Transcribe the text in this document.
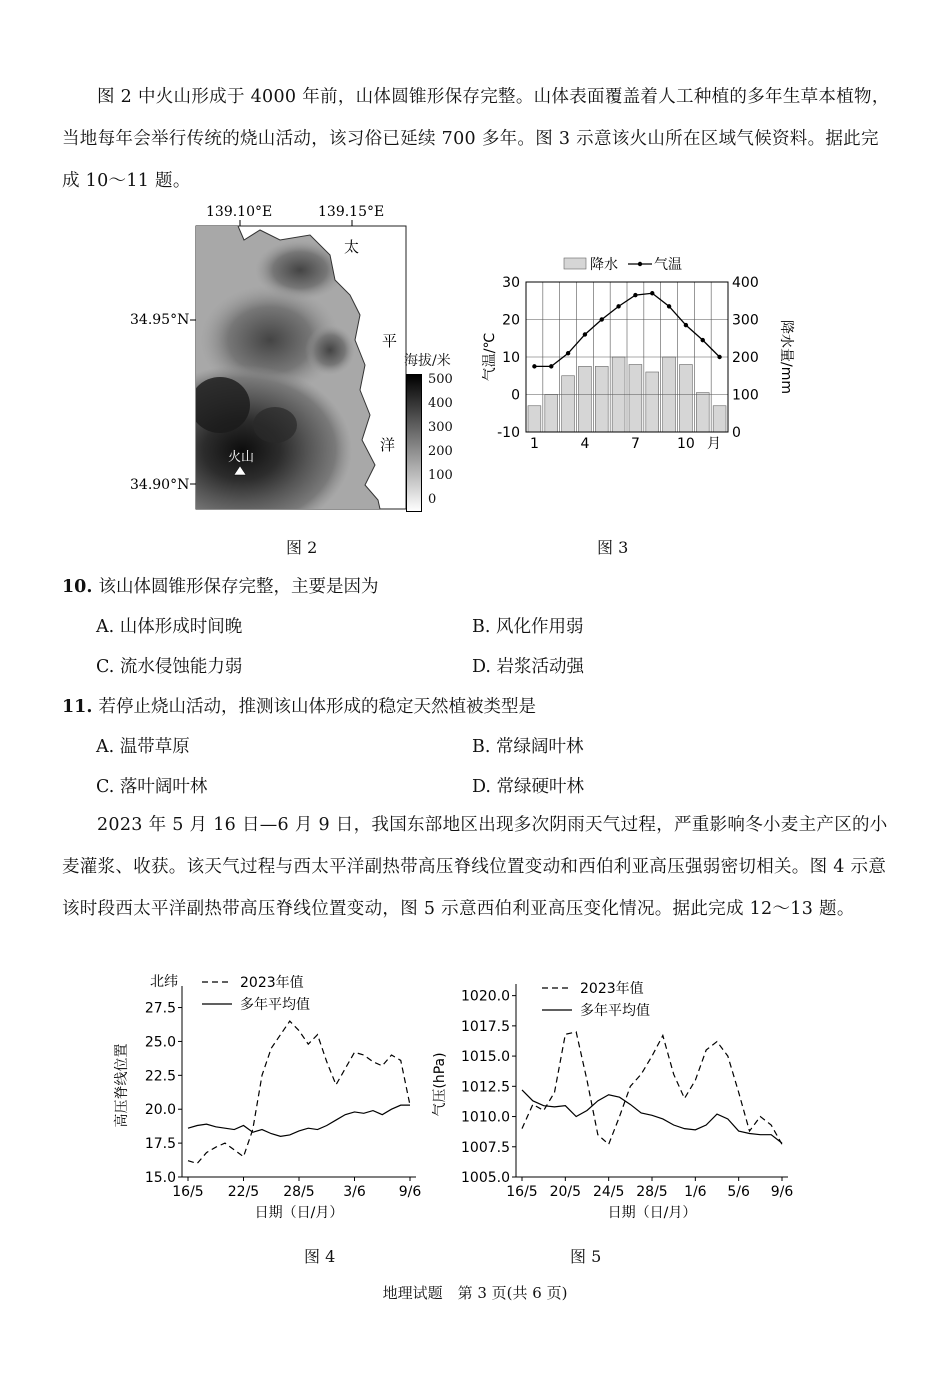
图 2 中火山形成于 4000 年前，山体圆锥形保存完整。山体表面覆盖着人工种植的多年生草本植物，当地每年会举行传统的烧山活动，该习俗已延续 700 多年。图 3 示意该火山所在区域气候资料。据此完成 10～11 题。
火山
139.10°E	139.15°E
34.95°N
34.90°N
太
平
洋
海拔/米
500
400
300
200
100
0
图 2
30
20
10
0
-10
400
300
200
100
0
1	4	7	10 月
气温/℃	降水量/mm
降水	气温
图 3
10. 该山体圆锥形保存完整，主要是因为
A. 山体形成时间晚	B. 风化作用弱
C. 流水侵蚀能力弱	D. 岩浆活动强
11. 若停止烧山活动，推测该山体形成的稳定天然植被类型是
A. 温带草原	B. 常绿阔叶林
C. 落叶阔叶林	D. 常绿硬叶林
2023 年 5 月 16 日—6 月 9 日，我国东部地区出现多次阴雨天气过程，严重影响冬小麦主产区的小麦灌浆、收获。该天气过程与西太平洋副热带高压脊线位置变动和西伯利亚高压强弱密切相关。图 4 示意该时段西太平洋副热带高压脊线位置变动，图 5 示意西伯利亚高压变化情况。据此完成 12～13 题。
27.5
25.0
22.5
20.0
17.5
15.0
16/5 22/5 28/5 3/6 9/6
日期（日/月）
高压脊线位置
北纬	2023年值
多年平均值
图 4
1020.0
1017.5
1015.0
1012.5
1010.0
1007.5
1005.0
16/5 20/5 24/5 28/5 1/6 5/6 9/6
日期（日/月）
气压(hPa)
2023年值
多年平均值
图 5
地理试题　第 3 页(共 6 页)
